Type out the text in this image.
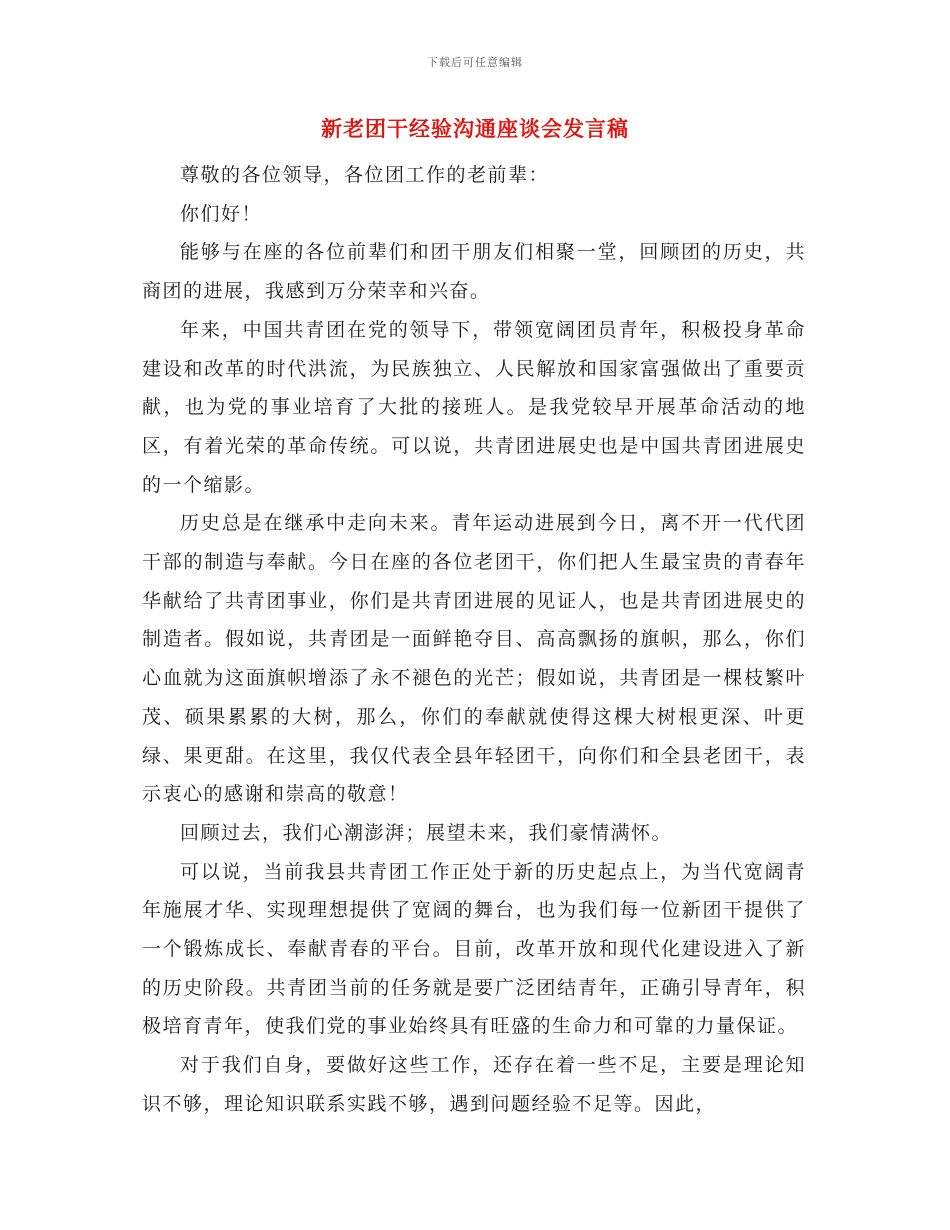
下载后可任意编辑
新老团干经验沟通座谈会发言稿

尊敬的各位领导，各位团工作的老前辈：

你们好！

能够与在座的各位前辈们和团干朋友们相聚一堂，回顾团的历史，共商团的进展，我感到万分荣幸和兴奋。

年来，中国共青团在党的领导下，带领宽阔团员青年，积极投身革命建设和改革的时代洪流，为民族独立、人民解放和国家富强做出了重要贡献，也为党的事业培育了大批的接班人。是我党较早开展革命活动的地区，有着光荣的革命传统。可以说，共青团进展史也是中国共青团进展史的一个缩影。

历史总是在继承中走向未来。青年运动进展到今日，离不开一代代团干部的制造与奉献。今日在座的各位老团干，你们把人生最宝贵的青春年华献给了共青团事业，你们是共青团进展的见证人，也是共青团进展史的制造者。假如说，共青团是一面鲜艳夺目、高高飘扬的旗帜，那么，你们心血就为这面旗帜增添了永不褪色的光芒；假如说，共青团是一棵枝繁叶茂、硕果累累的大树，那么，你们的奉献就使得这棵大树根更深、叶更绿、果更甜。在这里，我仅代表全县年轻团干，向你们和全县老团干，表示衷心的感谢和崇高的敬意！

回顾过去，我们心潮澎湃；展望未来，我们豪情满怀。

可以说，当前我县共青团工作正处于新的历史起点上，为当代宽阔青年施展才华、实现理想提供了宽阔的舞台，也为我们每一位新团干提供了一个锻炼成长、奉献青春的平台。目前，改革开放和现代化建设进入了新的历史阶段。共青团当前的任务就是要广泛团结青年，正确引导青年，积极培育青年，使我们党的事业始终具有旺盛的生命力和可靠的力量保证。

对于我们自身，要做好这些工作，还存在着一些不足，主要是理论知识不够，理论知识联系实践不够，遇到问题经验不足等。因此，
